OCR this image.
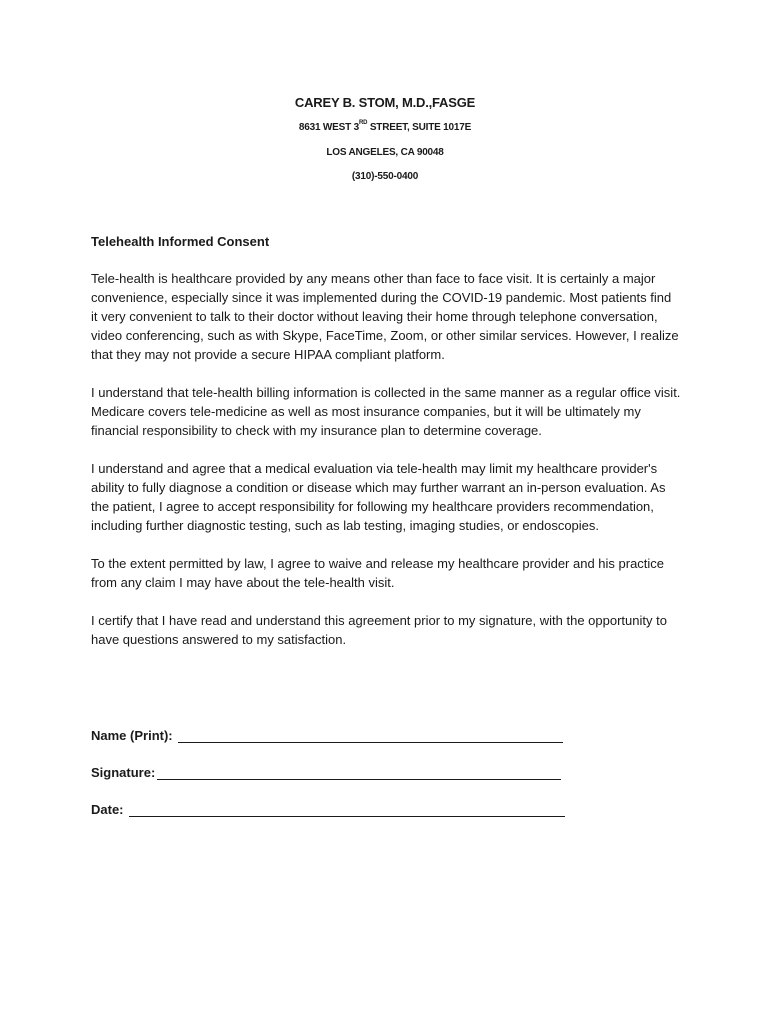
CAREY B. STOM, M.D.,FASGE
8631 WEST 3RD STREET, SUITE 1017E
LOS ANGELES, CA 90048
(310)-550-0400
Telehealth Informed Consent

Tele-health is healthcare provided by any means other than face to face visit. It is certainly a major convenience, especially since it was implemented during the COVID-19 pandemic. Most patients find it very convenient to talk to their doctor without leaving their home through telephone conversation, video conferencing, such as with Skype, FaceTime, Zoom, or other similar services. However, I realize that they may not provide a secure HIPAA compliant platform.

I understand that tele-health billing information is collected in the same manner as a regular office visit. Medicare covers tele-medicine as well as most insurance companies, but it will be ultimately my financial responsibility to check with my insurance plan to determine coverage.

I understand and agree that a medical evaluation via tele-health may limit my healthcare provider's ability to fully diagnose a condition or disease which may further warrant an in-person evaluation. As the patient, I agree to accept responsibility for following my healthcare providers recommendation, including further diagnostic testing, such as lab testing, imaging studies, or endoscopies.

To the extent permitted by law, I agree to waive and release my healthcare provider and his practice from any claim I may have about the tele-health visit.

I certify that I have read and understand this agreement prior to my signature, with the opportunity to have questions answered to my satisfaction.

Name (Print):
Signature:
Date:
